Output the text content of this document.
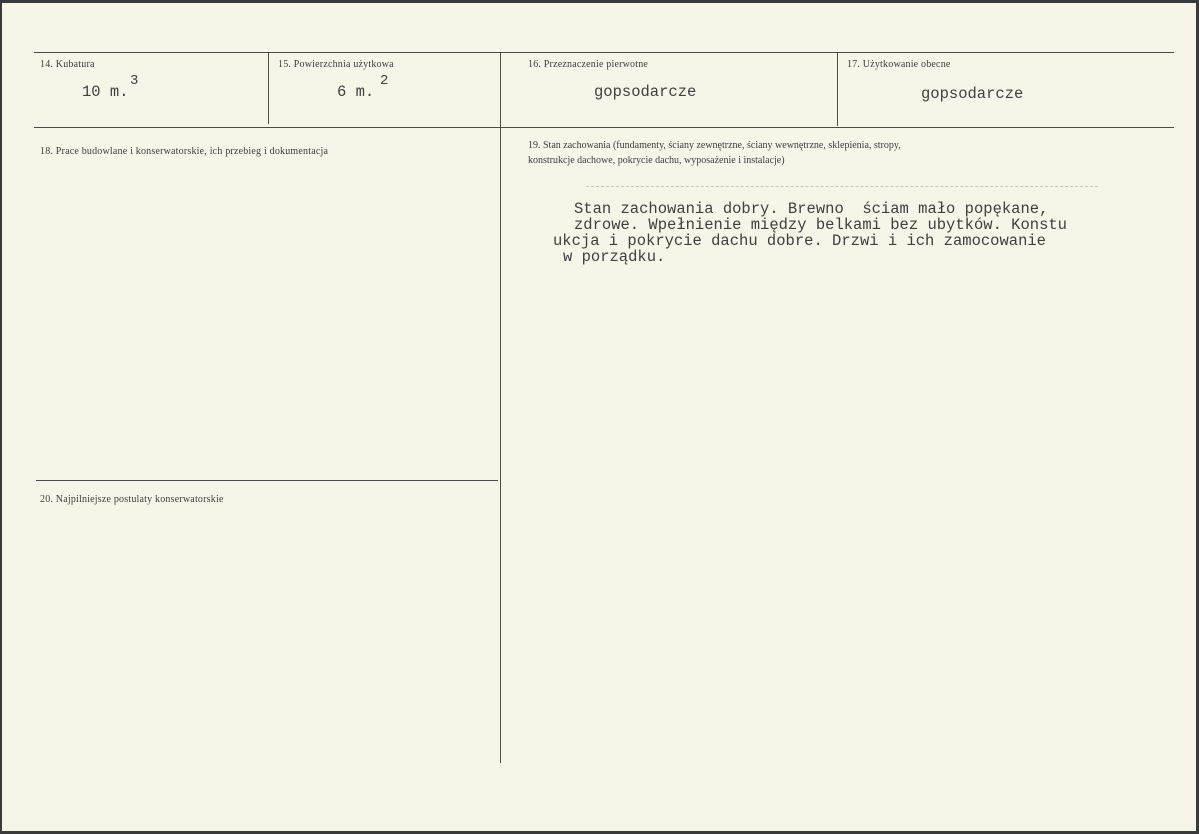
14. Kubatura
10 m.
3
15. Powierzchnia użytkowa
6 m.
2
16. Przeznaczenie pierwotne
gopsodarcze
17. Użytkowanie obecne
gopsodarcze
18. Prace budowlane i konserwatorskie, ich przebieg i dokumentacja
19. Stan zachowania (fundamenty, ściany zewnętrzne, ściany wewnętrzne, sklepienia, stropy,
konstrukcje dachowe, pokrycie dachu, wyposażenie i instalacje)
Stan zachowania dobry. Brewno  ściam mało popękane,
zdrowe. Wpełnienie między belkami bez ubytków. Konstu
ukcja i pokrycie dachu dobre. Drzwi i ich zamocowanie
w porządku.
20. Najpilniejsze postulaty konserwatorskie
